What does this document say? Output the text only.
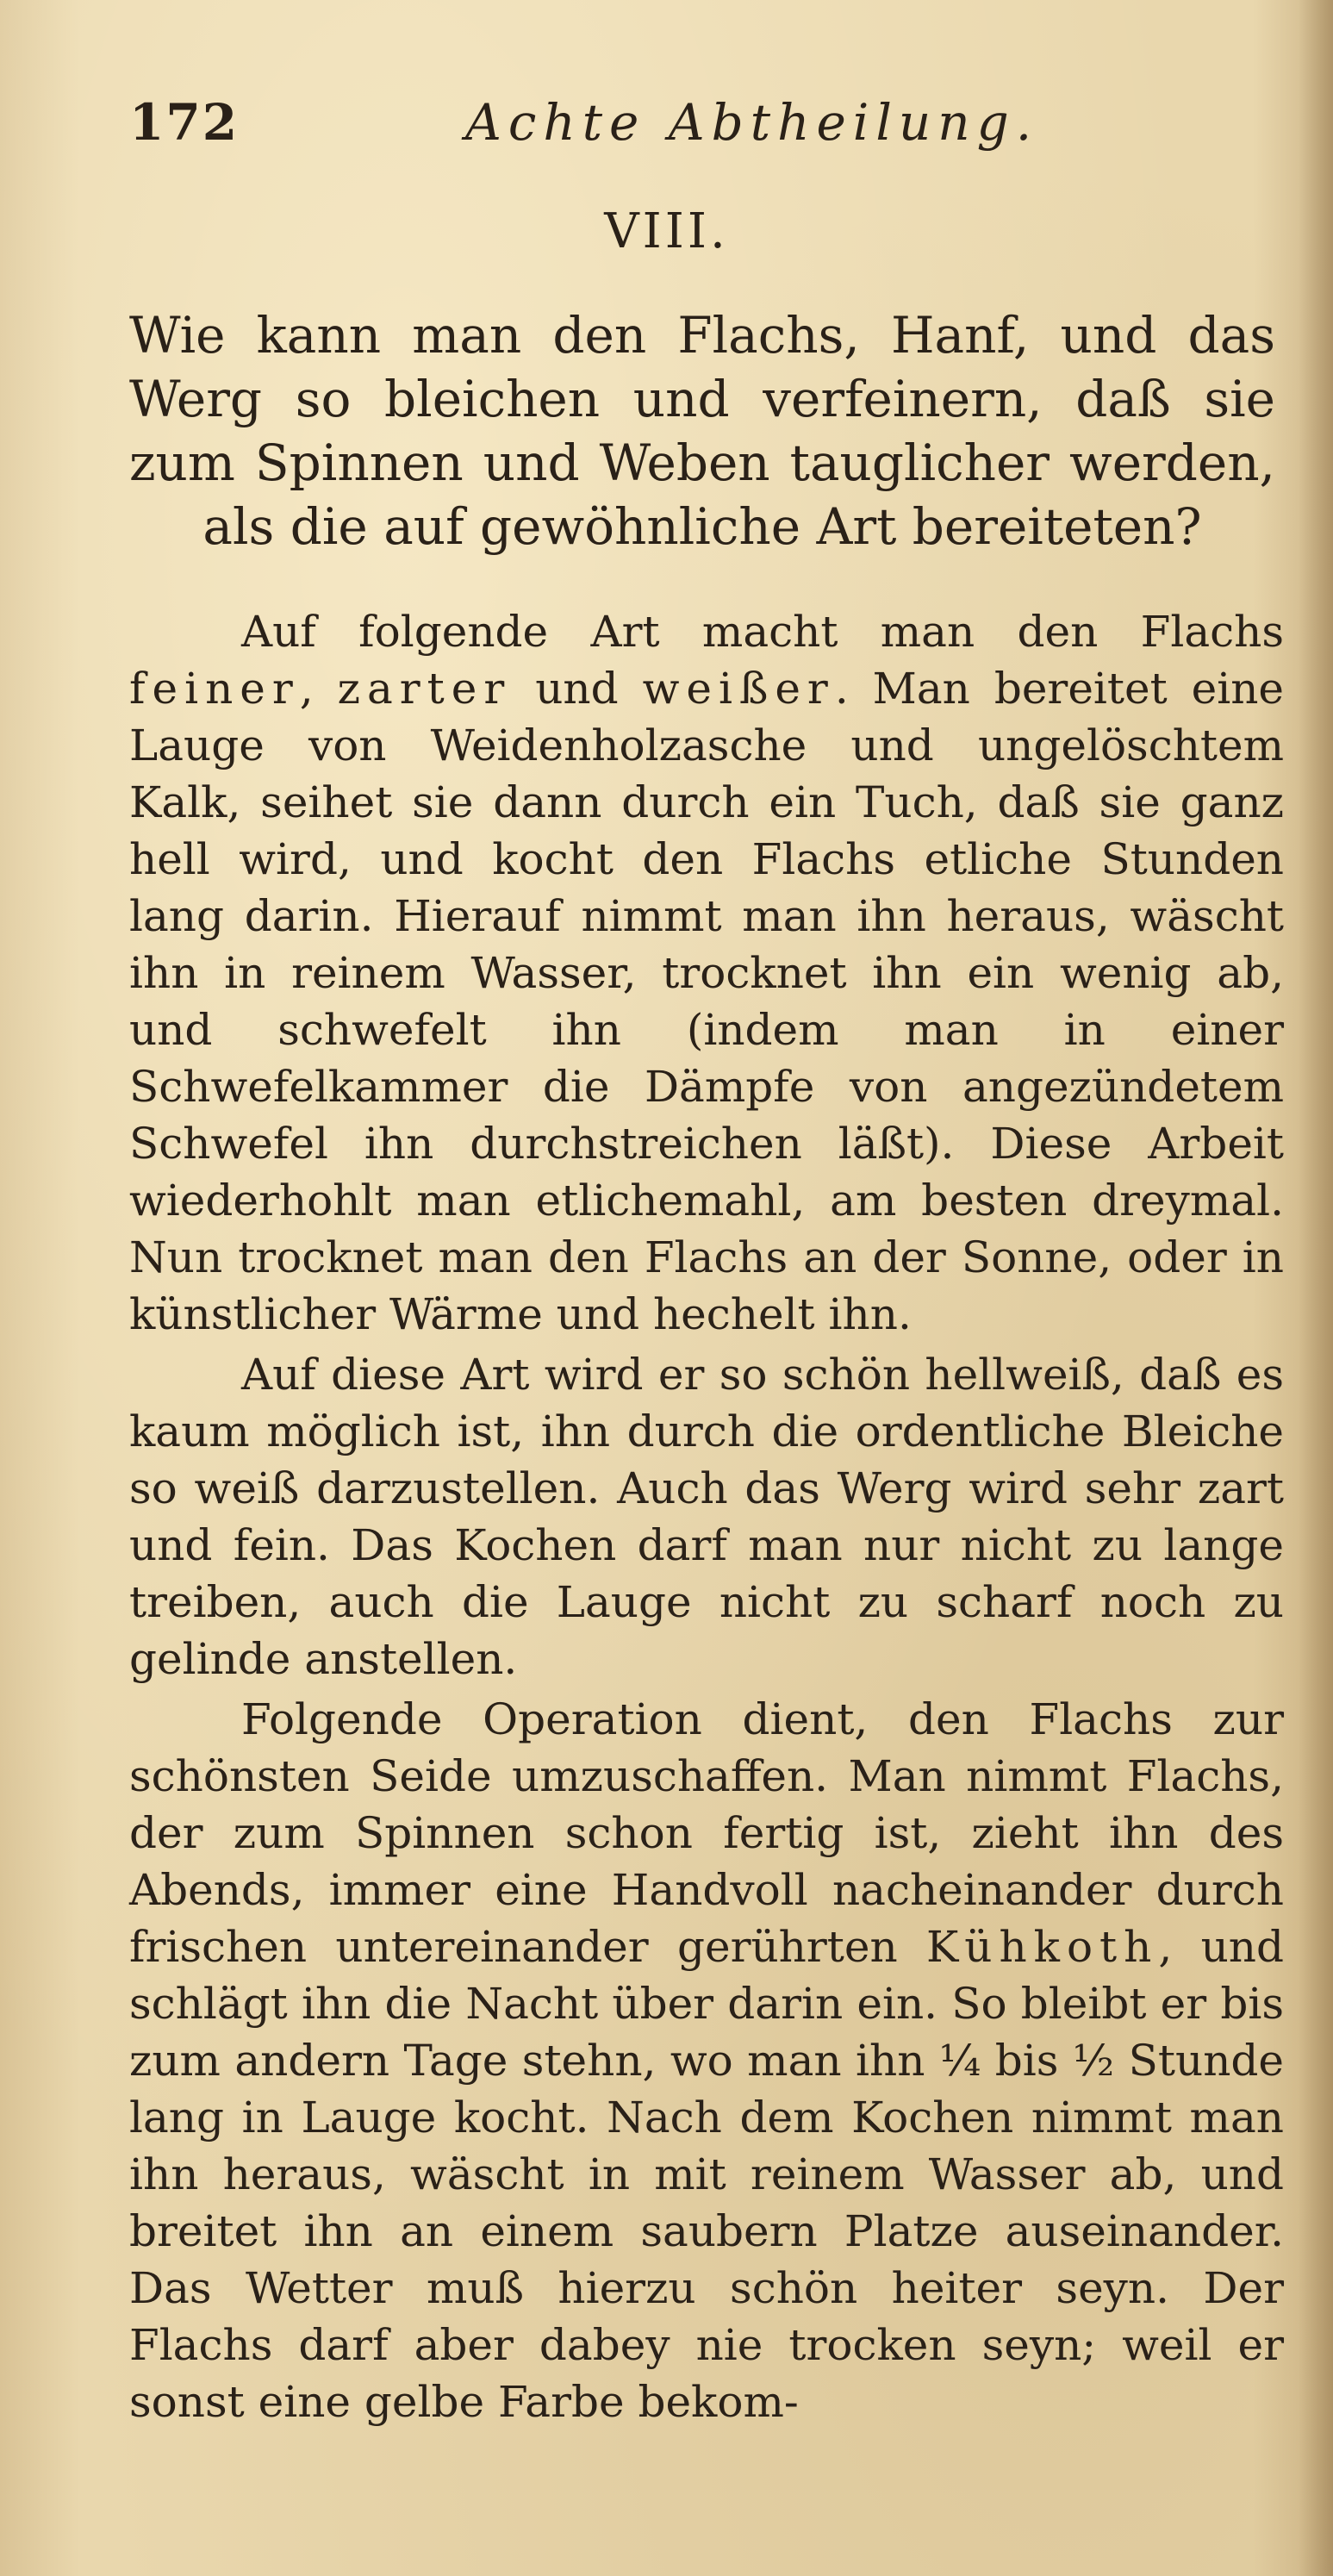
172	Achte Abtheilung.
VIII.
Wie kann man den Flachs, Hanf, und das Werg so bleichen und verfeinern, daß sie zum Spinnen und Weben tauglicher werden, als die auf gewöhnliche Art bereiteten?

Auf folgende Art macht man den Flachs feiner, zarter und weißer. Man bereitet eine Lauge von Weidenholzasche und ungelöschtem Kalk, seihet sie dann durch ein Tuch, daß sie ganz hell wird, und kocht den Flachs etliche Stunden lang darin. Hierauf nimmt man ihn heraus, wäscht ihn in reinem Wasser, trocknet ihn ein wenig ab, und schwefelt ihn (indem man in einer Schwefelkammer die Dämpfe von angezündetem Schwefel ihn durchstreichen läßt). Diese Arbeit wiederhohlt man etlichemahl, am besten dreymal. Nun trocknet man den Flachs an der Sonne, oder in künstlicher Wärme und hechelt ihn.

Auf diese Art wird er so schön hellweiß, daß es kaum möglich ist, ihn durch die ordentliche Bleiche so weiß darzustellen. Auch das Werg wird sehr zart und fein. Das Kochen darf man nur nicht zu lange treiben, auch die Lauge nicht zu scharf noch zu gelinde anstellen.

Folgende Operation dient, den Flachs zur schönsten Seide umzuschaffen. Man nimmt Flachs, der zum Spinnen schon fertig ist, zieht ihn des Abends, immer eine Handvoll nacheinander durch frischen untereinander gerührten Kühkoth, und schlägt ihn die Nacht über darin ein. So bleibt er bis zum andern Tage stehn, wo man ihn ¼ bis ½ Stunde lang in Lauge kocht. Nach dem Kochen nimmt man ihn heraus, wäscht in mit reinem Wasser ab, und breitet ihn an einem saubern Platze auseinander. Das Wetter muß hierzu schön heiter seyn. Der Flachs darf aber dabey nie trocken seyn; weil er sonst eine gelbe Farbe bekom-
